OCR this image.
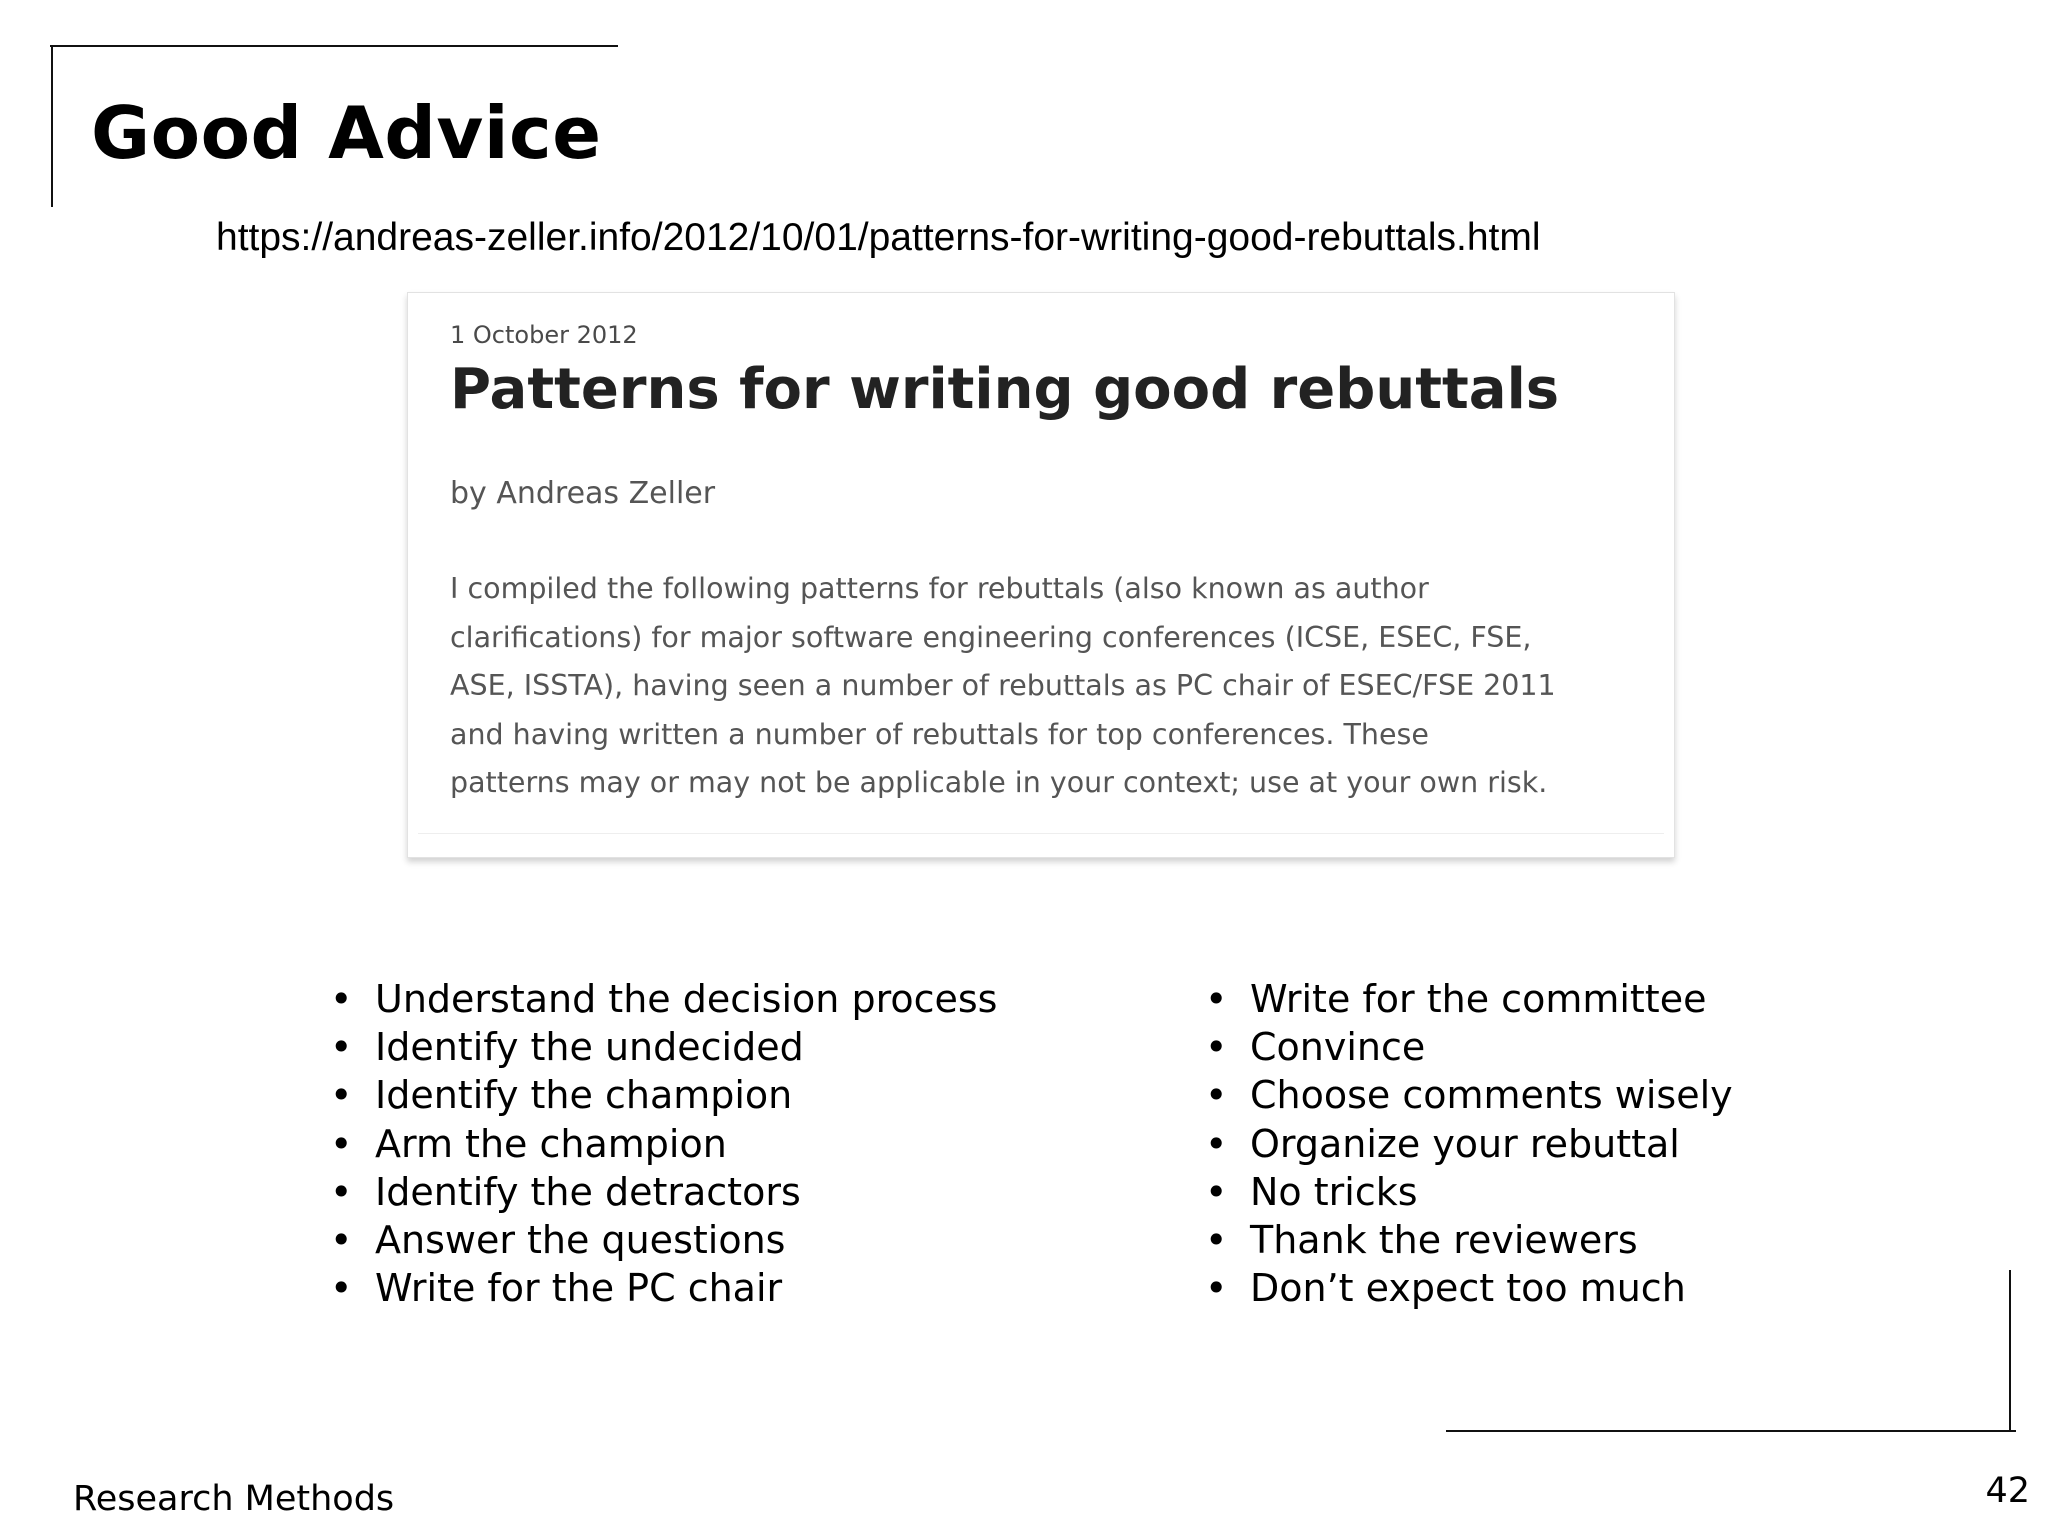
Good Advice
https://andreas-zeller.info/2012/10/01/patterns-for-writing-good-rebuttals.html
1 October 2012
Patterns for writing good rebuttals
by Andreas Zeller

I compiled the following patterns for rebuttals (also known as author
clarifications) for major software engineering conferences (ICSE, ESEC, FSE,
ASE, ISSTA), having seen a number of rebuttals as PC chair of ESEC/FSE 2011
and having written a number of rebuttals for top conferences. These
patterns may or may not be applicable in your context; use at your own risk.

• Understand the decision process
• Identify the undecided
• Identify the champion
• Arm the champion
• Identify the detractors
• Answer the questions
• Write for the PC chair
• Write for the committee
• Convince
• Choose comments wisely
• Organize your rebuttal
• No tricks
• Thank the reviewers
• Don’t expect too much
Research Methods	42
